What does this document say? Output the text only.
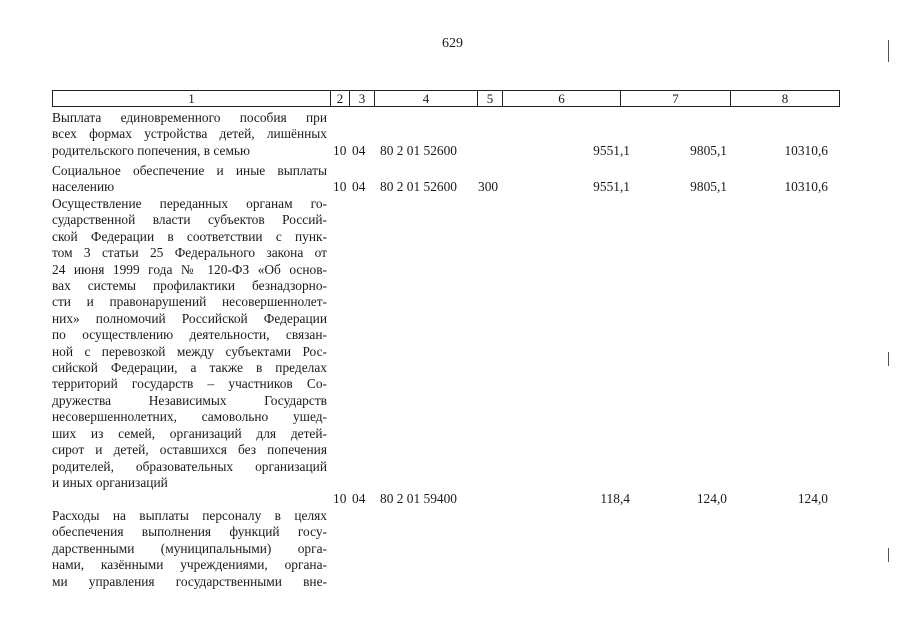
629
1	2	3	4	5	6	7	8
Выплата единовременного пособия при
всех формах устройства детей, лишённых
родительского попечения, в семью	10 04 80 2 01 52600	9551,1	9805,1	10310,6
Социальное обеспечение и иные выплаты
населению	10 04 80 2 01 52600 300	9551,1	9805,1	10310,6
Осуществление переданных органам го-
сударственной власти субъектов Россий-
ской Федерации в соответствии с пунк-
том 3 статьи 25 Федерального закона от
24 июня 1999 года № 120-ФЗ «Об основ-
вах системы профилактики безнадзорно-
сти и правонарушений несовершеннолет-
них» полномочий Российской Федерации
по осуществлению деятельности, связан-
ной с перевозкой между субъектами Рос-
сийской Федерации, а также в пределах
территорий государств – участников Со-
дружества Независимых Государств
несовершеннолетних, самовольно ушед-
ших из семей, организаций для детей-
сирот и детей, оставшихся без попечения
родителей, образовательных организаций
и иных организаций
10 04 80 2 01 59400	118,4	124,0	124,0
Расходы на выплаты персоналу в целях
обеспечения выполнения функций госу-
дарственными (муниципальными) орга-
нами, казёнными учреждениями, органа-
ми управления государственными вне-
